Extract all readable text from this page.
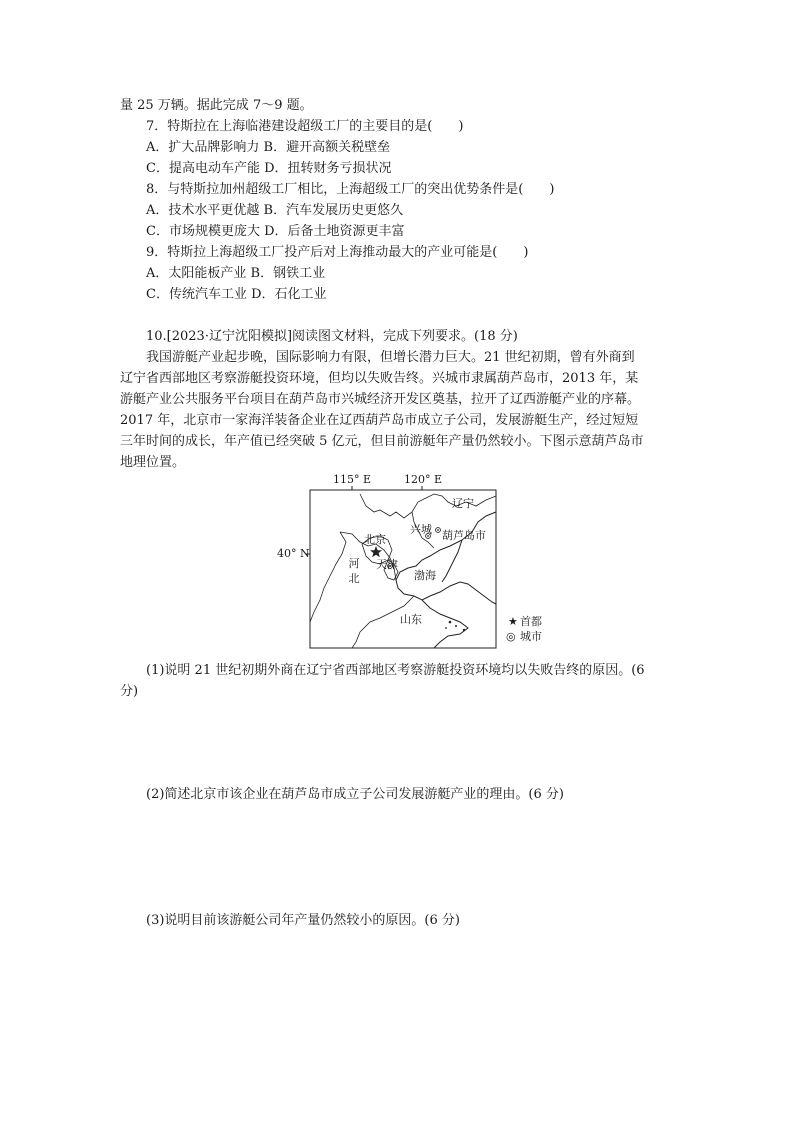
量 25 万辆。据此完成 7～9 题。
7．特斯拉在上海临港建设超级工厂的主要目的是(　　)
A．扩大品牌影响力 B．避开高额关税壁垒
C．提高电动车产能 D．扭转财务亏损状况
8．与特斯拉加州超级工厂相比，上海超级工厂的突出优势条件是(　　)
A．技术水平更优越 B．汽车发展历史更悠久
C．市场规模更庞大 D．后备土地资源更丰富
9．特斯拉上海超级工厂投产后对上海推动最大的产业可能是(　　)
A．太阳能板产业 B．钢铁工业
C．传统汽车工业 D．石化工业
10.[2023·辽宁沈阳模拟]阅读图文材料，完成下列要求。(18 分)
我国游艇产业起步晚，国际影响力有限，但增长潜力巨大。21 世纪初期，曾有外商到
辽宁省西部地区考察游艇投资环境，但均以失败告终。兴城市隶属葫芦岛市，2013 年，某
游艇产业公共服务平台项目在葫芦岛市兴城经济开发区奠基，拉开了辽西游艇产业的序幕。
2017 年，北京市一家海洋装备企业在辽西葫芦岛市成立子公司，发展游艇生产，经过短短
三年时间的成长，年产值已经突破 5 亿元，但目前游艇年产量仍然较小。下图示意葫芦岛市
地理位置。
115° E	120° E
40° N
辽宁
兴城 葫芦岛市
北京
天津
河北	渤海
山东	★ 首都
◎ 城市
(1)说明 21 世纪初期外商在辽宁省西部地区考察游艇投资环境均以失败告终的原因。(6
分)
(2)简述北京市该企业在葫芦岛市成立子公司发展游艇产业的理由。(6 分)
(3)说明目前该游艇公司年产量仍然较小的原因。(6 分)
